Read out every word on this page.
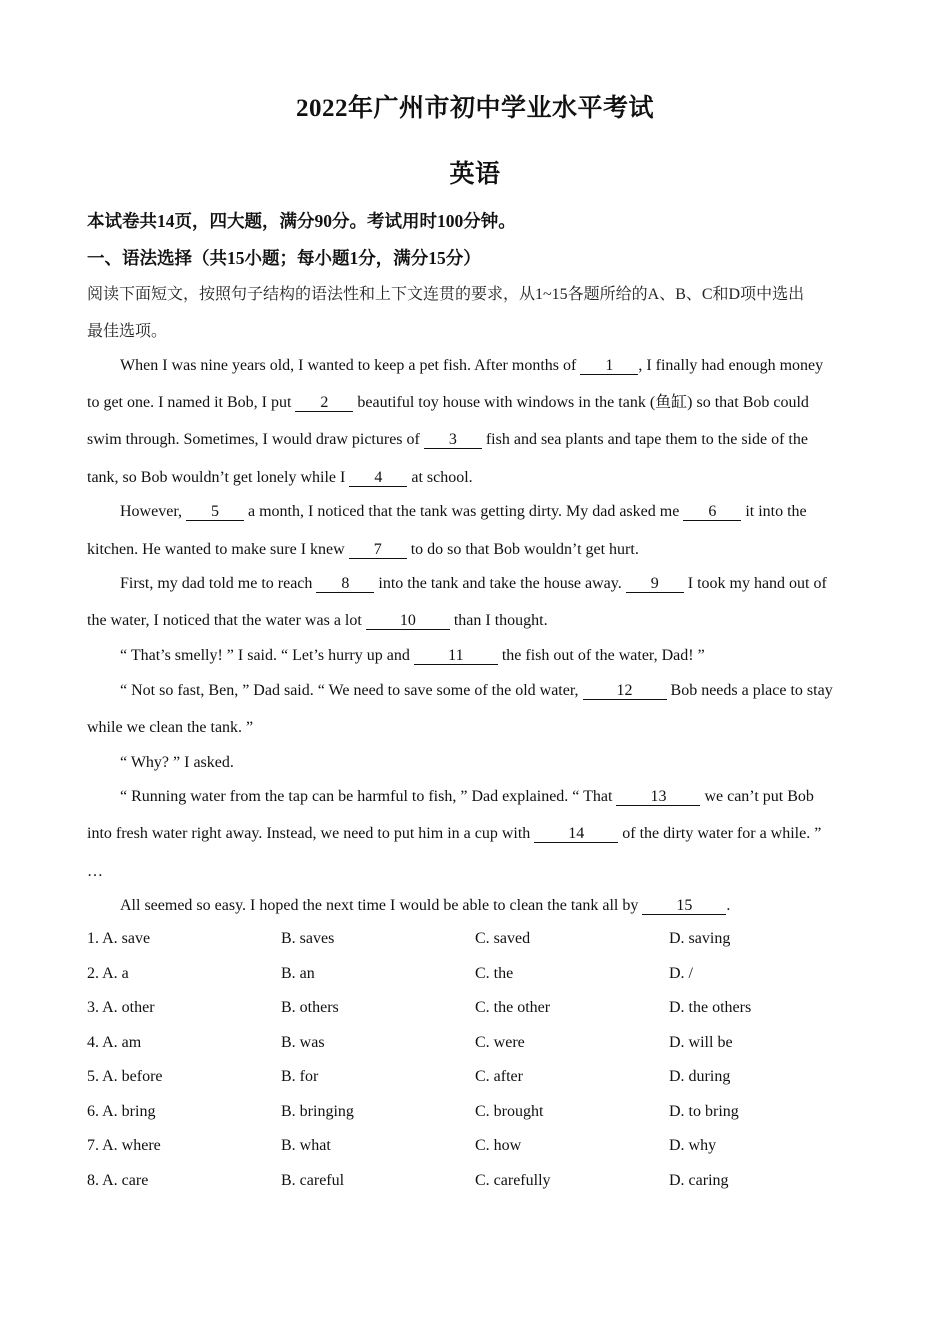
2022年广州市初中学业水平考试
英语
本试卷共14页，四大题，满分90分。考试用时100分钟。
一、语法选择（共15小题；每小题1分，满分15分）
阅读下面短文，按照句子结构的语法性和上下文连贯的要求，从1~15各题所给的A、B、C和D项中选出
最佳选项。
When I was nine years old, I wanted to keep a pet fish. After months of 1 , I finally had enough money
to get one. I named it Bob, I put 2 beautiful toy house with windows in the tank (鱼缸) so that Bob could
swim through. Sometimes, I would draw pictures of 3 fish and sea plants and tape them to the side of the
tank, so Bob wouldn’t get lonely while I 4 at school.
However, 5 a month, I noticed that the tank was getting dirty. My dad asked me 6 it into the
kitchen. He wanted to make sure I knew 7 to do so that Bob wouldn’t get hurt.
First, my dad told me to reach 8 into the tank and take the house away. 9 I took my hand out of
the water, I noticed that the water was a lot 10 than I thought.
“ That’s smelly! ” I said. “ Let’s hurry up and 11 the fish out of the water, Dad! ”
“ Not so fast, Ben, ” Dad said. “ We need to save some of the old water, 12 Bob needs a place to stay
while we clean the tank. ”
“ Why? ” I asked.
“ Running water from the tap can be harmful to fish, ” Dad explained. “ That 13 we can’t put Bob
into fresh water right away. Instead, we need to put him in a cup with 14 of the dirty water for a while. ”
…
All seemed so easy. I hoped the next time I would be able to clean the tank all by 15 .
1. A. save	B. saves	C. saved	D. saving
2. A. a	B. an	C. the	D. /
3. A. other	B. others	C. the other	D. the others
4. A. am	B. was	C. were	D. will be
5. A. before	B. for	C. after	D. during
6. A. bring	B. bringing	C. brought	D. to bring
7. A. where	B. what	C. how	D. why
8. A. care	B. careful	C. carefully	D. caring
